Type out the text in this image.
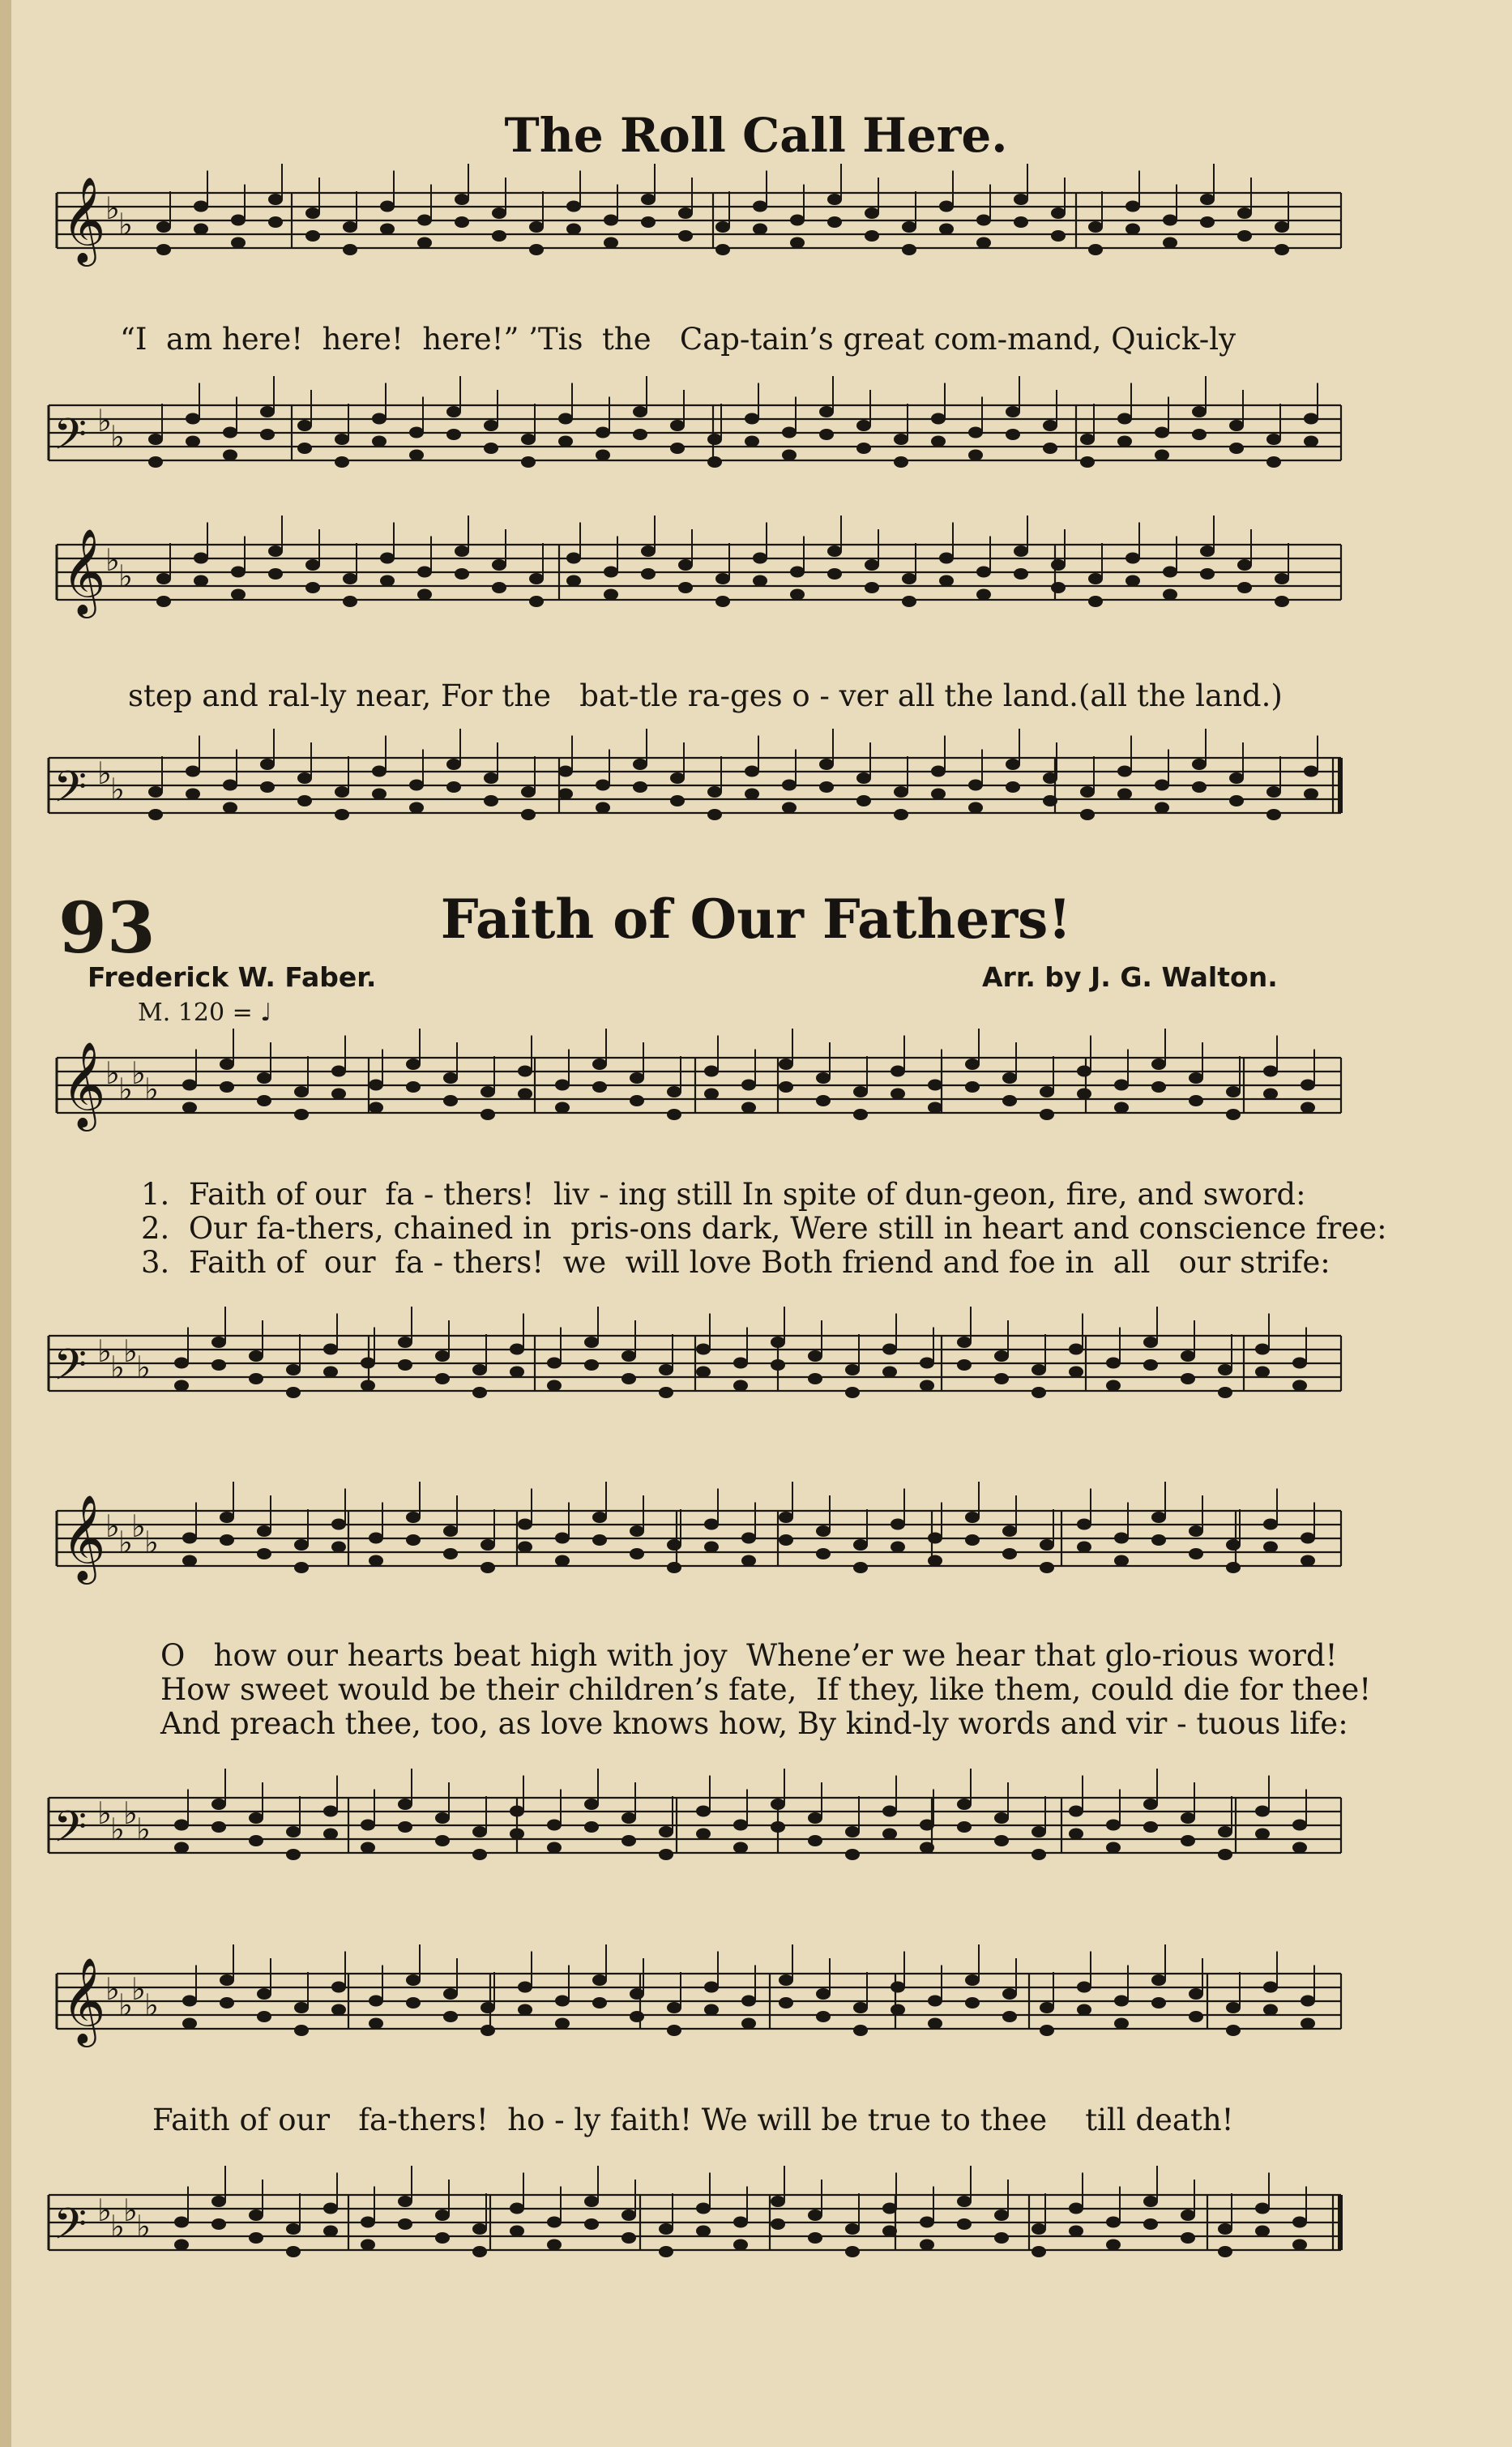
𝄞 ♭
♭
𝄢 ♭
♭
𝄞 ♭
♭
𝄢 ♭
♭
𝄞 ♭
♭
♭
♭
𝄢 ♭
♭
♭
♭
𝄞 ♭
♭
♭
♭
𝄢 ♭
♭
♭
♭
𝄞 ♭
♭
♭
♭
𝄢 ♭
♭
♭
♭
The Roll Call Here.
“I  am here!  here!  here!” ’Tis  the   Cap-tain’s great com-mand, Quick-ly
step and ral-ly near, For the   bat-tle ra-ges o - ver all the land.(all the land.)
93	Faith of Our Fathers!
Frederick W. Faber.	Arr. by J. G. Walton.
M. 120 = ♩
1.  Faith of our  fa - thers!  liv - ing still In spite of dun-geon, fire, and sword:
2.  Our fa-thers, chained in  pris-ons dark, Were still in heart and conscience free:
3.  Faith of  our  fa - thers!  we  will love Both friend and foe in  all   our strife:
O   how our hearts beat high with joy  Whene’er we hear that glo-rious word!
How sweet would be their children’s fate,  If they, like them, could die for thee!
And preach thee, too, as love knows how, By kind-ly words and vir - tuous life:
Faith of our   fa-thers!  ho - ly faith! We will be true to thee    till death!
